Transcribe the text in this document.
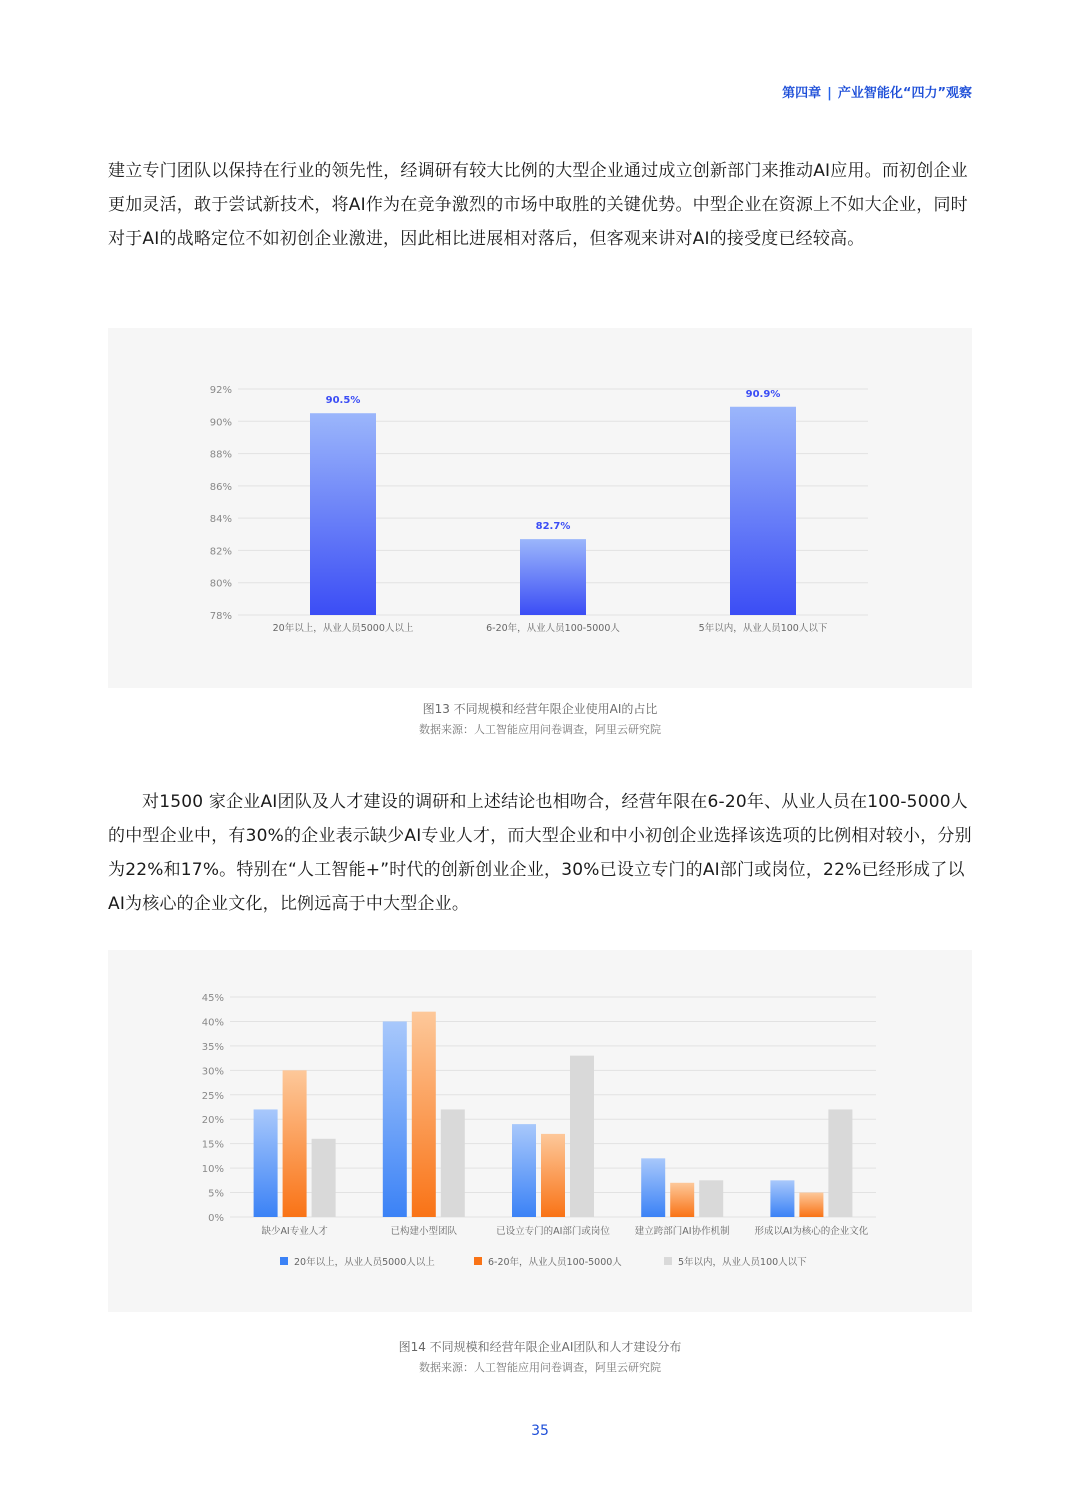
第四章 | 产业智能化“四力”观察

建立专门团队以保持在行业的领先性，经调研有较大比例的大型企业通过成立创新部门来推动AI应用。而初创企业更加灵活，敢于尝试新技术，将AI作为在竞争激烈的市场中取胜的关键优势。中型企业在资源上不如大企业，同时对于AI的战略定位不如初创企业激进，因此相比进展相对落后，但客观来讲对AI的接受度已经较高。

78%
80%
82%
84%
86%
88%
90%
92%
90.5%
20年以上，从业人员5000人以上
82.7%
6-20年，从业人员100-5000人
90.9%
5年以内，从业人员100人以下
图13 不同规模和经营年限企业使用AI的占比
数据来源：人工智能应用问卷调查，阿里云研究院

对1500 家企业AI团队及人才建设的调研和上述结论也相吻合，经营年限在6-20年、从业人员在100-5000人的中型企业中，有30%的企业表示缺少AI专业人才，而大型企业和中小初创企业选择该选项的比例相对较小，分别为22%和17%。特别在“人工智能+”时代的创新创业企业，30%已设立专门的AI部门或岗位，22%已经形成了以AI为核心的企业文化，比例远高于中大型企业。

0%
5%
10%
15%
20%
25%
30%
35%
40%
45%
缺少AI专业人才	已构建小型团队	已设立专门的AI部门或岗位	建立跨部门AI协作机制	形成以AI为核心的企业文化
20年以上，从业人员5000人以上	6-20年，从业人员100-5000人	5年以内，从业人员100人以下
图14 不同规模和经营年限企业AI团队和人才建设分布
数据来源：人工智能应用问卷调查，阿里云研究院
35
